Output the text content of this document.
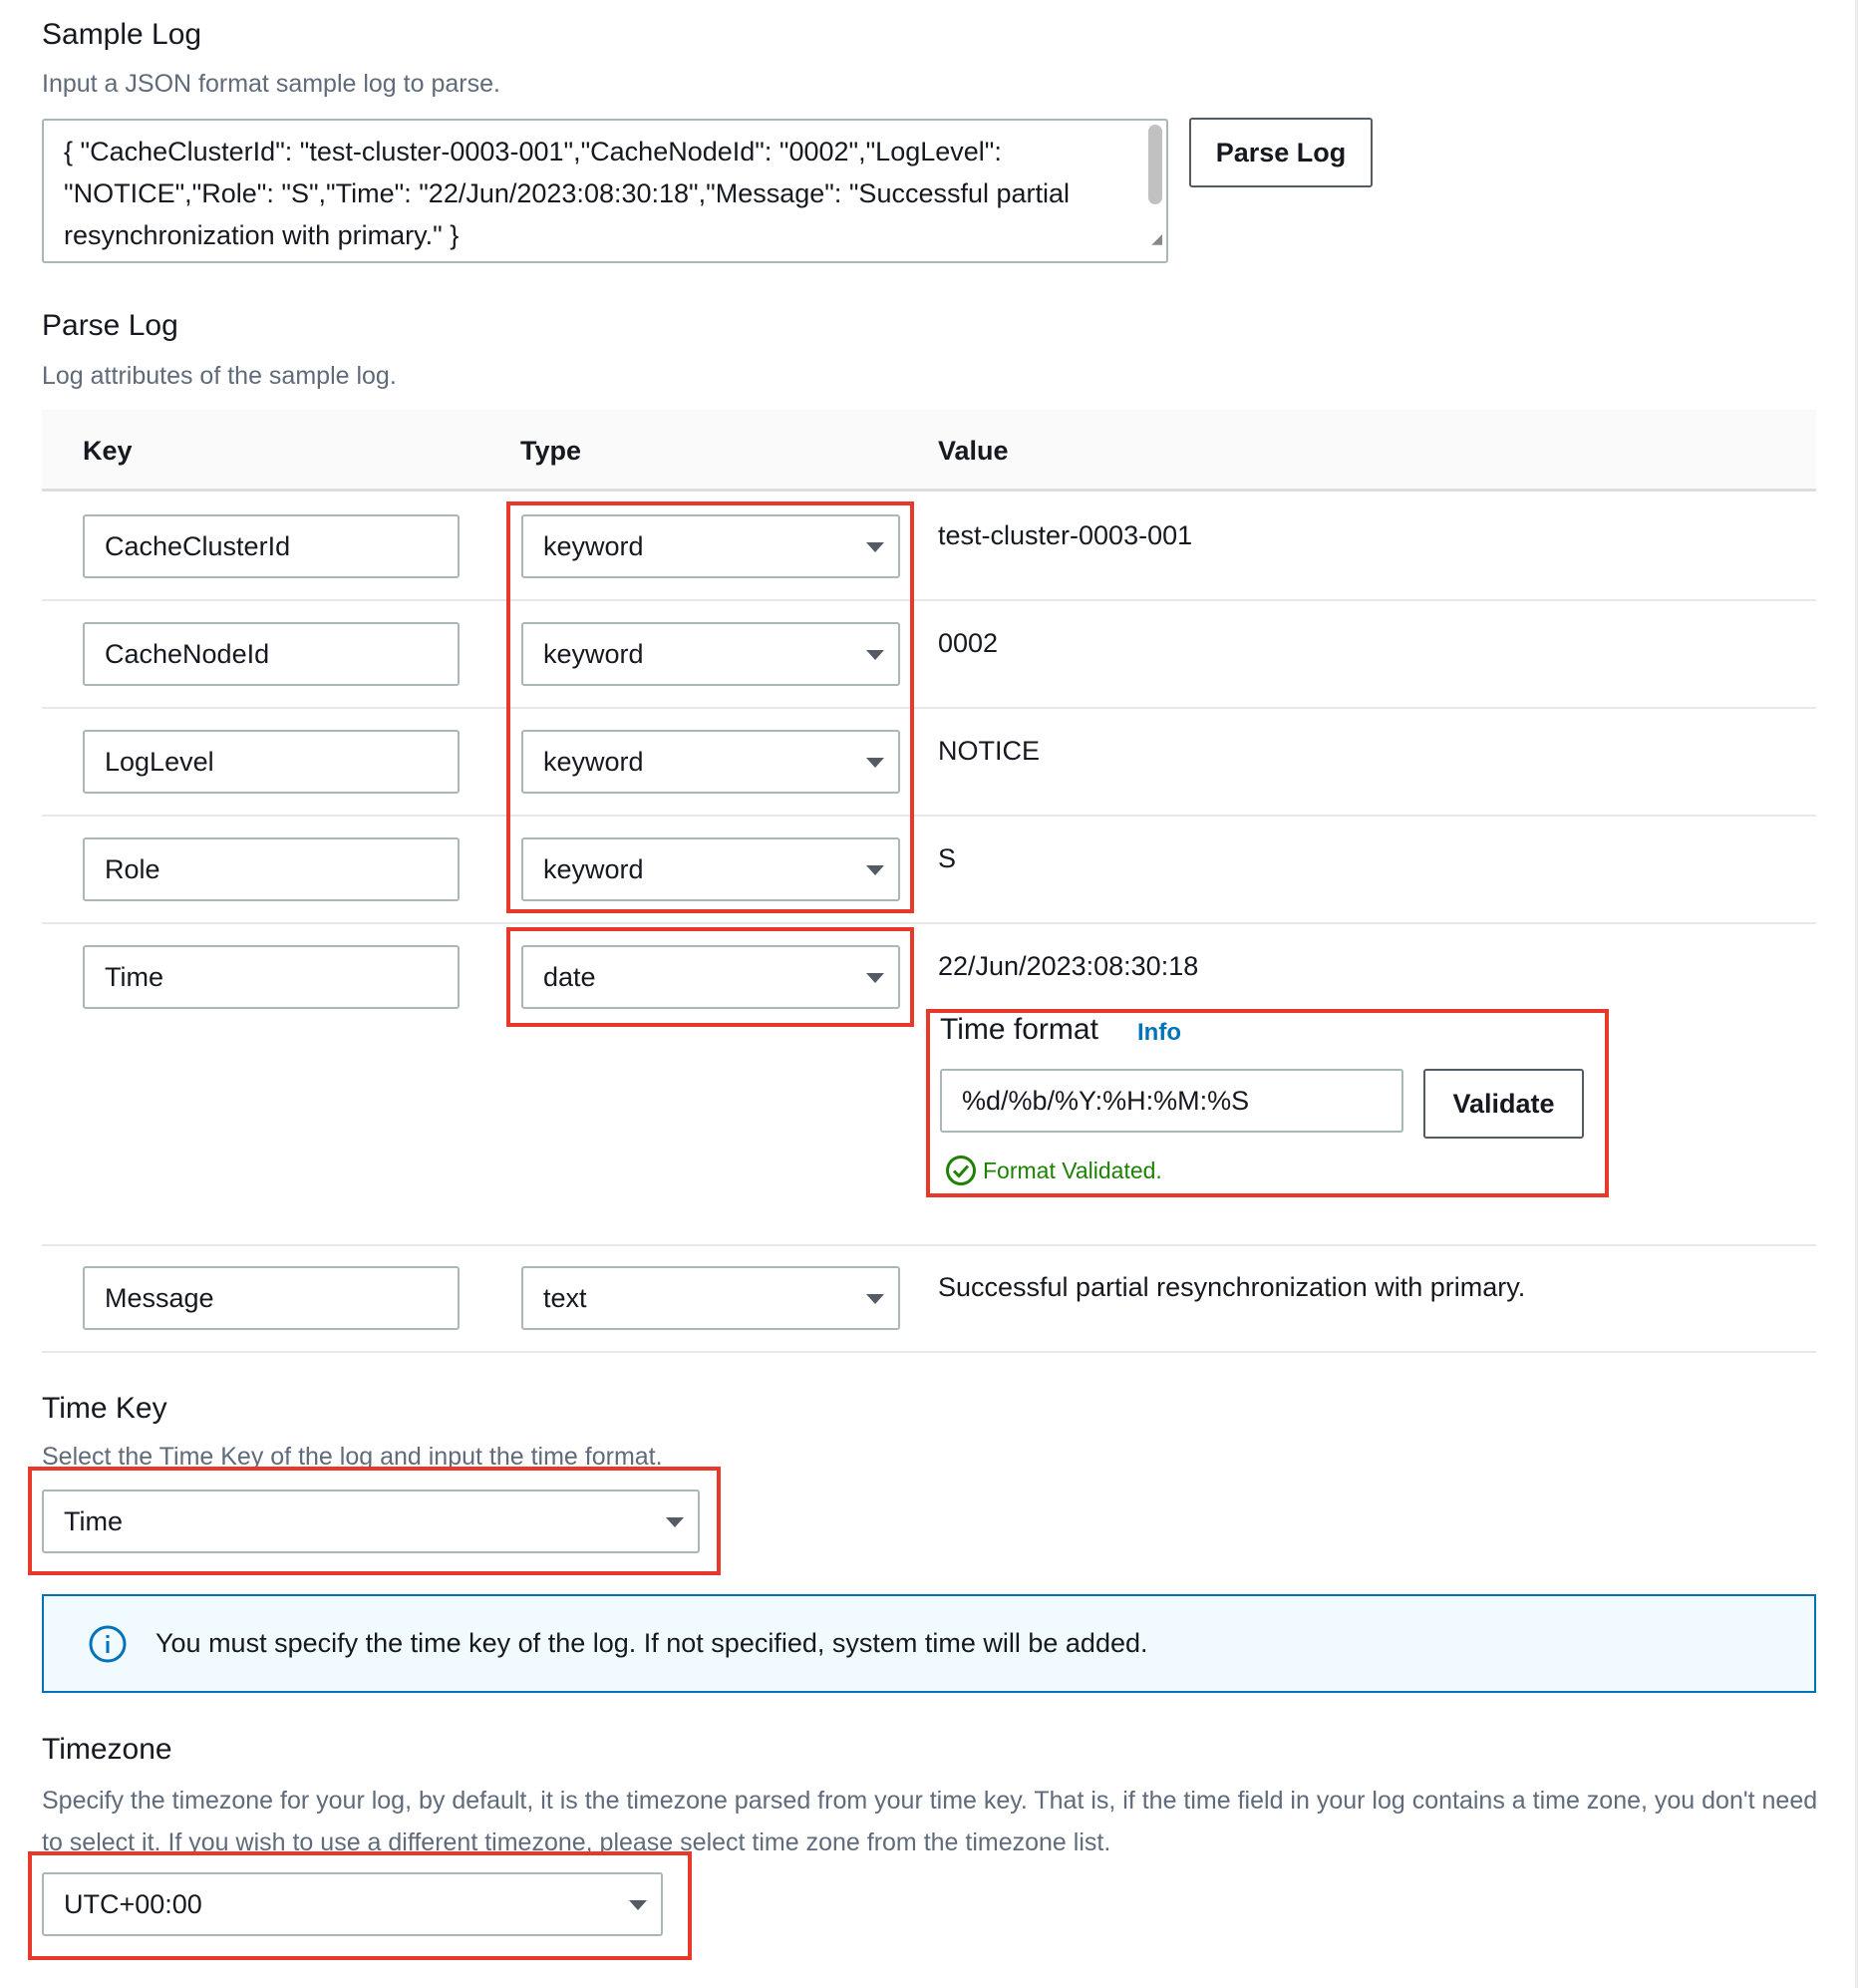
Sample Log
Input a JSON format sample log to parse.
{ "CacheClusterId": "test-cluster-0003-001","CacheNodeId": "0002","LogLevel": "NOTICE","Role": "S","Time": "22/Jun/2023:08:30:18","Message": "Successful partial resynchronization with primary." }	◢
Parse Log
Parse Log
Log attributes of the sample log.
Key	Type	Value
CacheClusterId	keyword	test-cluster-0003-001
CacheNodeId	keyword	0002
LogLevel	keyword	NOTICE
Role	keyword	S
Time	date	22/Jun/2023:08:30:18
Time format Info
%d/%b/%Y:%H:%M:%S	Validate
Format Validated.
Message	text	Successful partial resynchronization with primary.
Time Key
Select the Time Key of the log and input the time format.
Time
You must specify the time key of the log. If not specified, system time will be added.
Timezone
Specify the timezone for your log, by default, it is the timezone parsed from your time key. That is, if the time field in your log contains a time zone, you don't need to select it. If you wish to use a different timezone, please select time zone from the timezone list.
UTC+00:00
